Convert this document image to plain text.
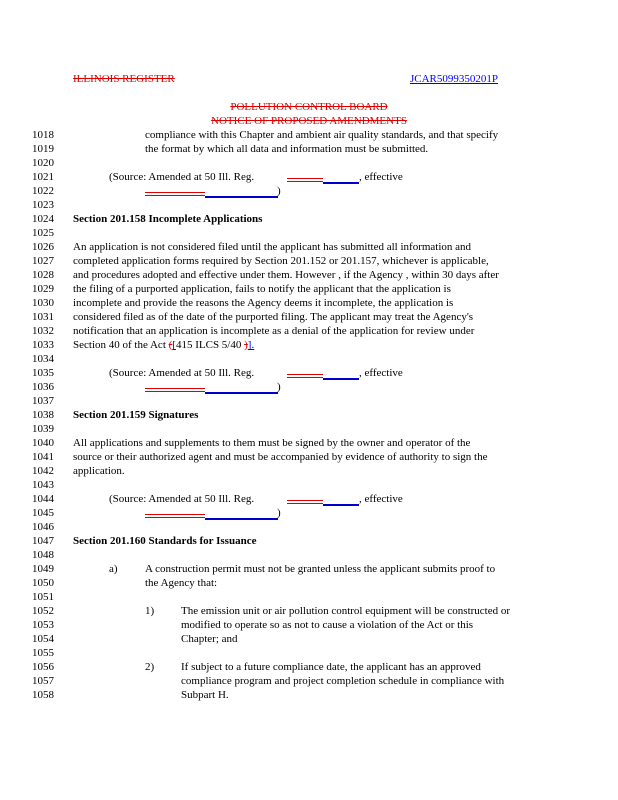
ILLINOIS REGISTER	JCAR5099350201P
POLLUTION CONTROL BOARD
NOTICE OF PROPOSED AMENDMENTS
1018
1019
1020
1021
1022
1023
1024
1025
1026
1027
1028
1029
1030
1031
1032
1033
1034
1035
1036
1037
1038
1039
1040
1041
1042
1043
1044
1045
1046
1047
1048
1049
1050
1051
1052
1053
1054
1055
1056
1057
1058
compliance with this Chapter and ambient air quality standards, and that specify
the format by which all data and information must be submitted.
(Source: Amended at 50 Ill. Reg.	, effective
)
Section 201.158 Incomplete Applications
An application is not considered filed until the applicant has submitted all information and
completed application forms required by Section 201.152 or 201.157, whichever is applicable,
and procedures adopted and effective under them. However , if the Agency , within 30 days after
the filing of a purported application, fails to notify the applicant that the application is
incomplete and provide the reasons the Agency deems it incomplete, the application is
considered filed as of the date of the purported filing. The applicant may treat the Agency's
notification that an application is incomplete as a denial of the application for review under
Section 40 of the Act ([415 ILCS 5/40 )].
(Source: Amended at 50 Ill. Reg.	, effective
)
Section 201.159 Signatures
All applications and supplements to them must be signed by the owner and operator of the
source or their authorized agent and must be accompanied by evidence of authority to sign the
application.
(Source: Amended at 50 Ill. Reg.	, effective
)
Section 201.160 Standards for Issuance
a) A construction permit must not be granted unless the applicant submits proof to
the Agency that:
1) The emission unit or air pollution control equipment will be constructed or
modified to operate so as not to cause a violation of the Act or this
Chapter; and
2) If subject to a future compliance date, the applicant has an approved
compliance program and project completion schedule in compliance with
Subpart H.
